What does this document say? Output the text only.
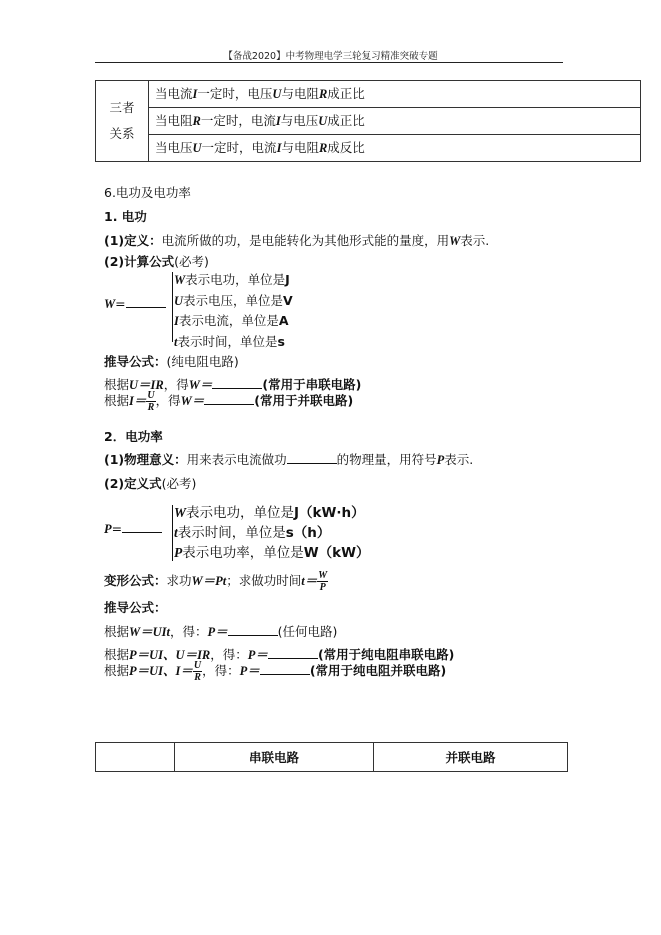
【备战2020】中考物理电学三轮复习精准突破专题
三者
关系
	当电流I一定时，电压U与电阻R成正比
当电阻R一定时，电流I与电压U成正比
当电压U一定时，电流I与电阻R成反比
6.电功及电功率
1. 电功
(1)定义：电流所做的功，是电能转化为其他形式能的量度，用W表示.
(2)计算公式(必考)
W=
W表示电功，单位是J
U表示电压，单位是V
I表示电流，单位是A
t表示时间，单位是s
推导公式：(纯电阻电路)
根据U＝IR，得W＝	(常用于串联电路)
根据$I= \frac{U}{R}$ ，得W＝	(常用于并联电路)
2．电功率
(1)物理意义：用来表示电流做功	的物理量，用符号P表示.
(2)定义式(必考)
P=
W表示电功，单位是J（kW·h）
t表示时间，单位是s（h）
P表示电功率，单位是W（kW）
变形公式：求功W＝Pt；求做功时间$t= \frac{W}{P}$
推导公式：
根据W＝UIt，得：P＝	(任何电路)
根据P＝UI、U＝IR，得：P＝	(常用于纯电阻串联电路)
根据P＝UI、$I= \frac{U}{R}$ ，得：P＝	(常用于纯电阻并联电路)
	串联电路	并联电路
